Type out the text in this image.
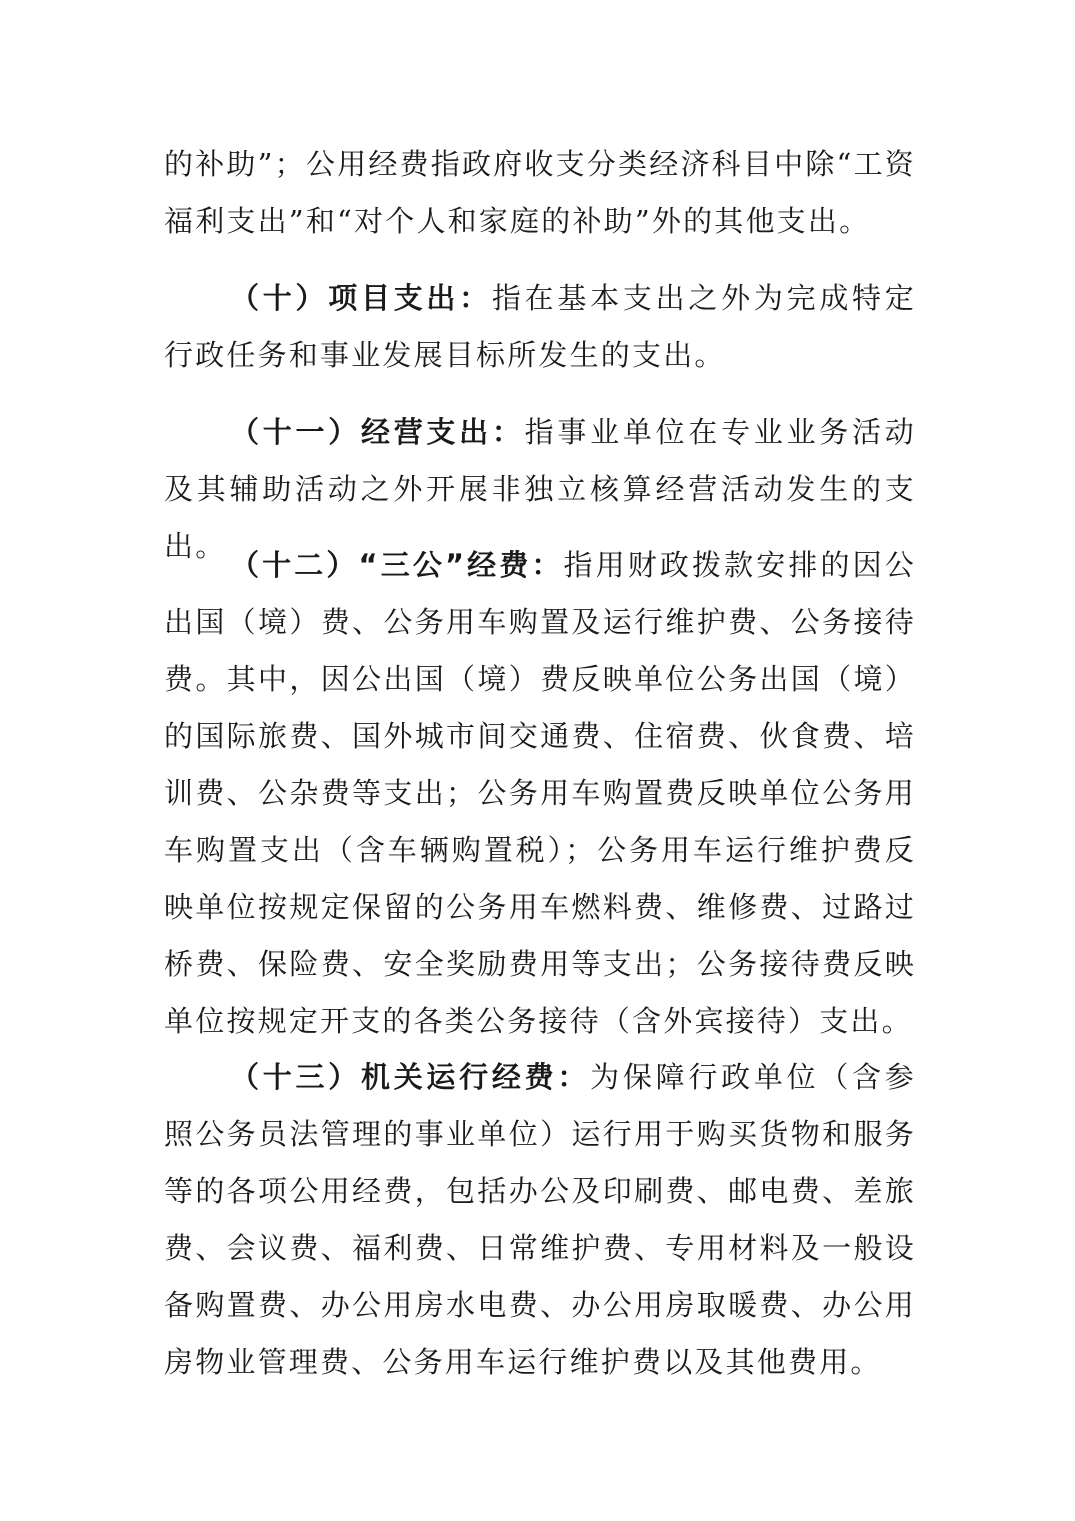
的补助”；公用经费指政府收支分类经济科目中除“工资福利支出”和“对个人和家庭的补助”外的其他支出。

（十）项目支出：指在基本支出之外为完成特定行政任务和事业发展目标所发生的支出。

（十一）经营支出：指事业单位在专业业务活动及其辅助活动之外开展非独立核算经营活动发生的支出。

（十二）“三公”经费：指用财政拨款安排的因公出国（境）费、公务用车购置及运行维护费、公务接待费。其中，因公出国（境）费反映单位公务出国（境）的国际旅费、国外城市间交通费、住宿费、伙食费、培训费、公杂费等支出；公务用车购置费反映单位公务用车购置支出（含车辆购置税）；公务用车运行维护费反映单位按规定保留的公务用车燃料费、维修费、过路过桥费、保险费、安全奖励费用等支出；公务接待费反映单位按规定开支的各类公务接待（含外宾接待）支出。

（十三）机关运行经费：为保障行政单位（含参照公务员法管理的事业单位）运行用于购买货物和服务等的各项公用经费，包括办公及印刷费、邮电费、差旅费、会议费、福利费、日常维护费、专用材料及一般设备购置费、办公用房水电费、办公用房取暖费、办公用房物业管理费、公务用车运行维护费以及其他费用。
